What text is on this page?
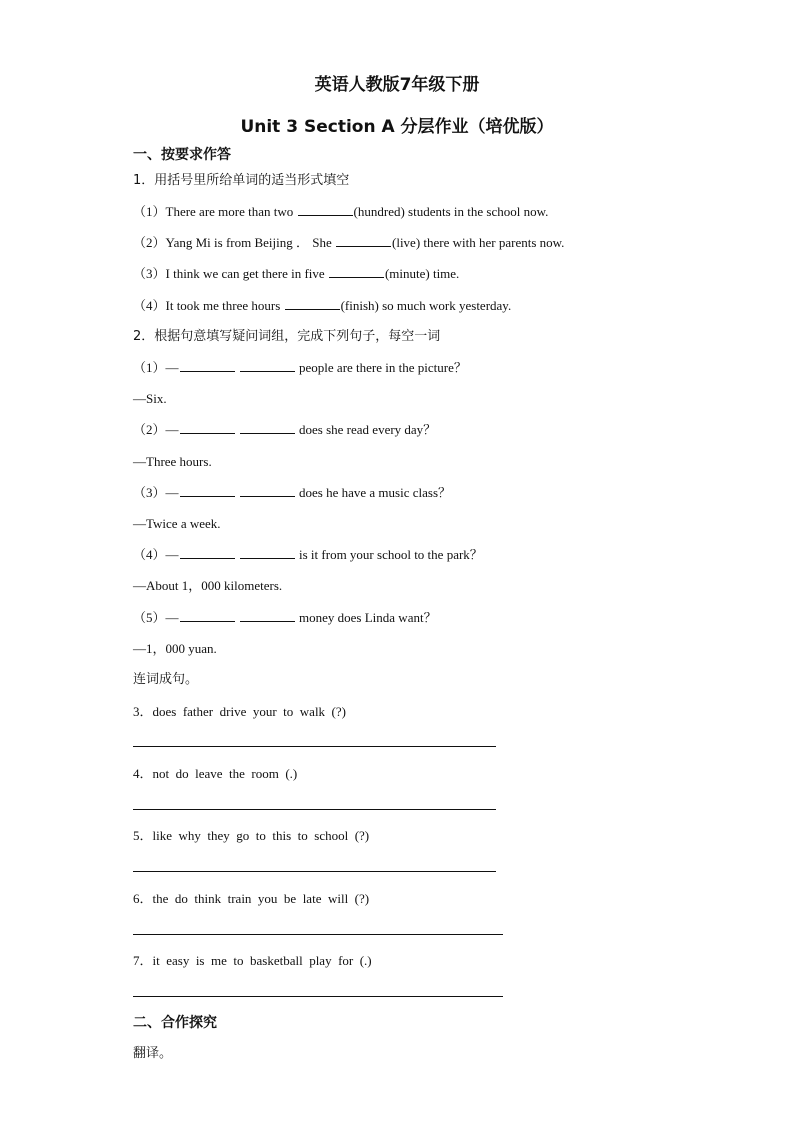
英语人教版7年级下册
Unit 3 Section A 分层作业（培优版）
一、按要求作答
1．用括号里所给单词的适当形式填空
（1）There are more than two	(hundred) students in the school now.
（2）Yang Mi is from Beijing ． She	(live) there with her parents now.
（3）I think we can get there in five	(minute) time.
（4）It took me three hours	(finish) so much work yesterday.
2．根据句意填写疑问词组，完成下列句子，每空一词
（1）—	people are there in the picture？
—Six.
（2）—	does she read every day？
—Three hours.
（3）—	does he have a music class？
—Twice a week.
（4）—	is it from your school to the park？
—About 1，000 kilometers.
（5）—	money does Linda want？
—1，000 yuan.
连词成句。
3．does  father  drive  your  to  walk  (?)
4．not  do  leave  the  room  (.)
5．like  why  they  go  to  this  to  school  (?)
6．the  do  think  train  you  be  late  will  (?)
7．it  easy  is  me  to  basketball  play  for  (.)
二、合作探究
翻译。
